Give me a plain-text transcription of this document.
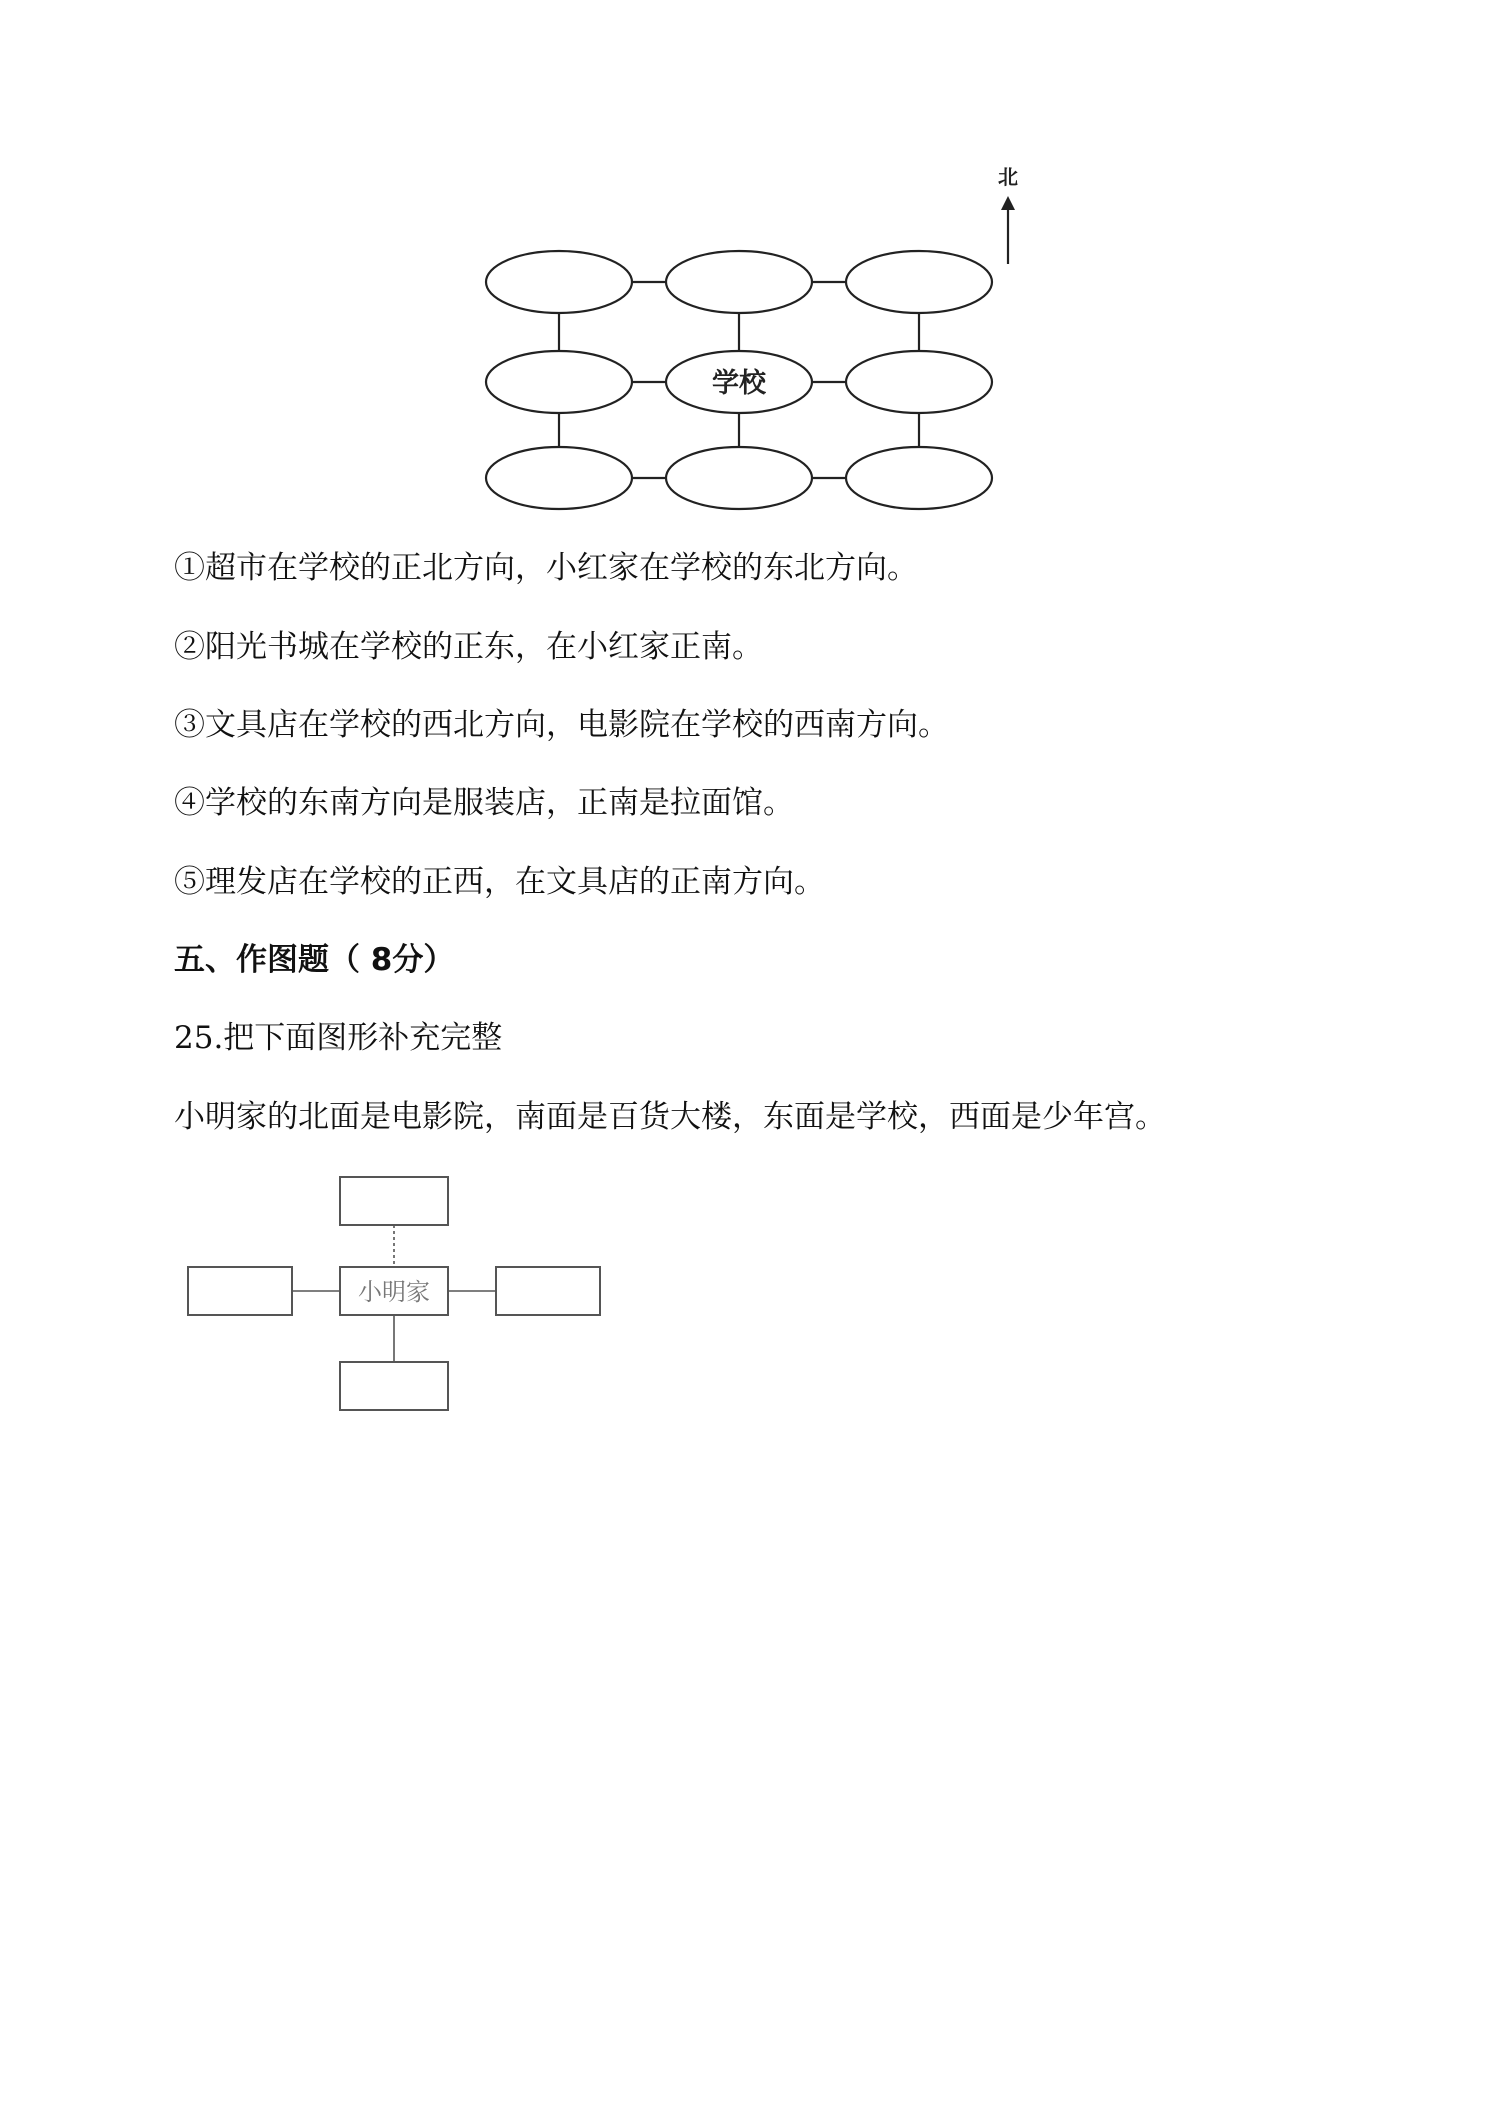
学校
北
①超市在学校的正北方向，小红家在学校的东北方向。
②阳光书城在学校的正东，在小红家正南。
③文具店在学校的西北方向，电影院在学校的西南方向。
④学校的东南方向是服装店，正南是拉面馆。
⑤理发店在学校的正西，在文具店的正南方向。
五、作图题（ 8分）
25.把下面图形补充完整
小明家的北面是电影院，南面是百货大楼，东面是学校，西面是少年宫。
小明家
